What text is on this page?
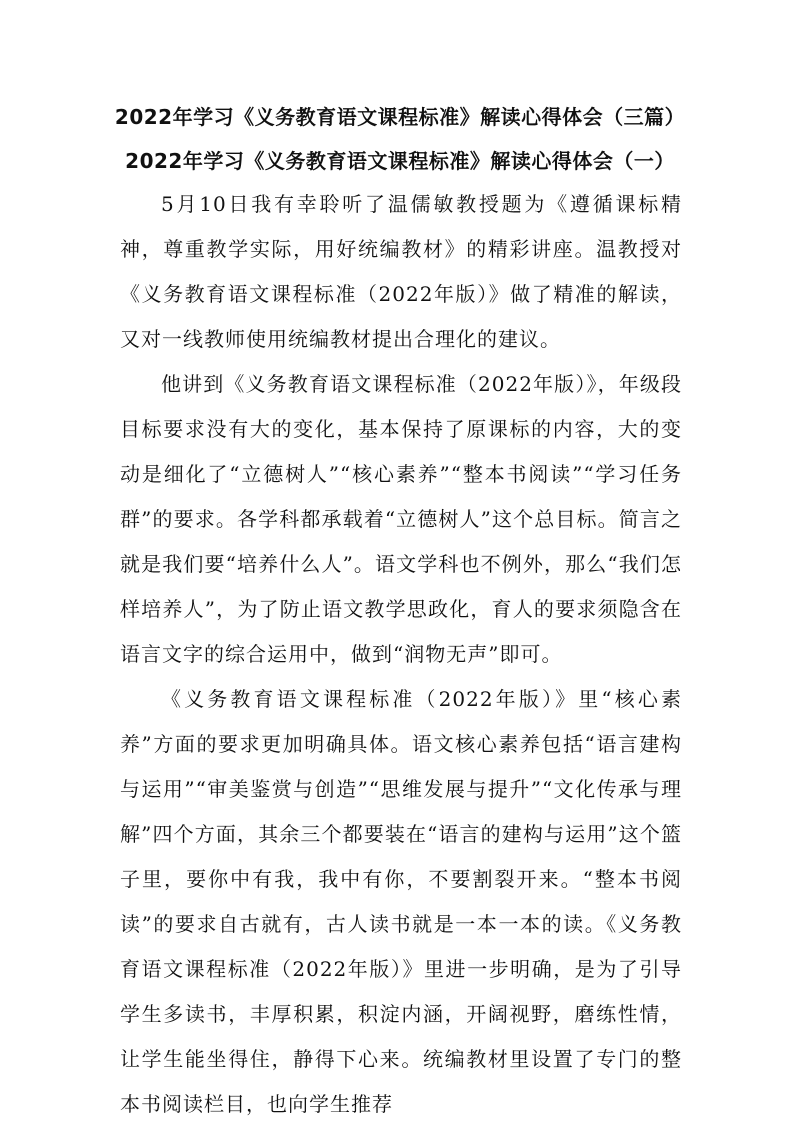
2022年学习《义务教育语文课程标准》解读心得体会（三篇）
2022年学习《义务教育语文课程标准》解读心得体会（一）

5月10日我有幸聆听了温儒敏教授题为《遵循课标精神，尊重教学实际，用好统编教材》的精彩讲座。温教授对《义务教育语文课程标准（2022年版）》做了精准的解读，又对一线教师使用统编教材提出合理化的建议。

他讲到《义务教育语文课程标准（2022年版）》，年级段目标要求没有大的变化，基本保持了原课标的内容，大的变动是细化了“立德树人”“核心素养”“整本书阅读”“学习任务群”的要求。各学科都承载着“立德树人”这个总目标。简言之就是我们要“培养什么人”。语文学科也不例外，那么“我们怎样培养人”，为了防止语文教学思政化，育人的要求须隐含在语言文字的综合运用中，做到“润物无声”即可。

《义务教育语文课程标准（2022年版）》里“核心素养”方面的要求更加明确具体。语文核心素养包括“语言建构与运用”“审美鉴赏与创造”“思维发展与提升”“文化传承与理解”四个方面，其余三个都要装在“语言的建构与运用”这个篮子里，要你中有我，我中有你，不要割裂开来。“整本书阅读”的要求自古就有，古人读书就是一本一本的读。《义务教育语文课程标准（2022年版）》里进一步明确，是为了引导学生多读书，丰厚积累，积淀内涵，开阔视野，磨练性情，让学生能坐得住，静得下心来。统编教材里设置了专门的整本书阅读栏目，也向学生推荐
